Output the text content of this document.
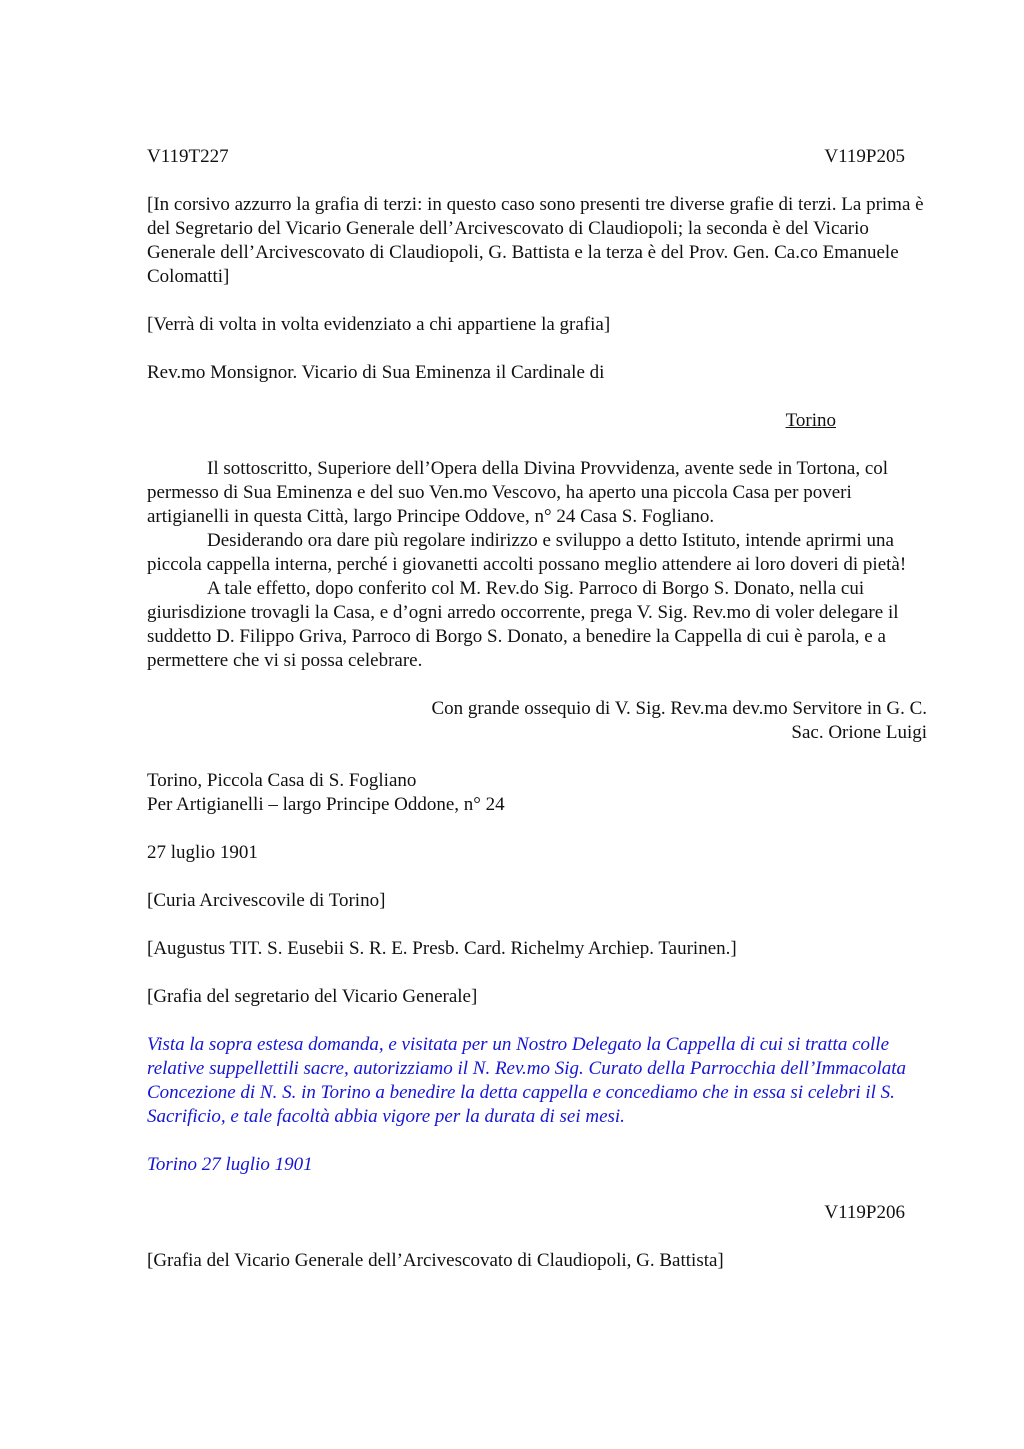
V119T227	V119P205

[In corsivo azzurro la grafia di terzi: in questo caso sono presenti tre diverse grafie di terzi. La prima è del Segretario del Vicario Generale dell’Arcivescovato di Claudiopoli; la seconda è del Vicario Generale dell’Arcivescovato di Claudiopoli, G. Battista e la terza è del Prov. Gen. Ca.co Emanuele Colomatti]

[Verrà di volta in volta evidenziato a chi appartiene la grafia]

Rev.mo Monsignor. Vicario di Sua Eminenza il Cardinale di

Torino

Il sottoscritto, Superiore dell’Opera della Divina Provvidenza, avente sede in Tortona, col permesso di Sua Eminenza e del suo Ven.mo Vescovo, ha aperto una piccola Casa per poveri artigianelli in questa Città, largo Principe Oddove, n° 24 Casa S. Fogliano.

Desiderando ora dare più regolare indirizzo e sviluppo a detto Istituto, intende aprirmi una piccola cappella interna, perché i giovanetti accolti possano meglio attendere ai loro doveri di pietà!

A tale effetto, dopo conferito col M. Rev.do Sig. Parroco di Borgo S. Donato, nella cui giurisdizione trovagli la Casa, e d’ogni arredo occorrente, prega V. Sig. Rev.mo di voler delegare il suddetto D. Filippo Griva, Parroco di Borgo S. Donato, a benedire la Cappella di cui è parola, e a permettere che vi si possa celebrare.

Con grande ossequio di V. Sig. Rev.ma dev.mo Servitore in G. C.

Sac. Orione Luigi

Torino, Piccola Casa di S. Fogliano

Per Artigianelli – largo Principe Oddone, n° 24

27 luglio 1901

[Curia Arcivescovile di Torino]

[Augustus TIT. S. Eusebii S. R. E. Presb. Card. Richelmy Archiep. Taurinen.]

[Grafia del segretario del Vicario Generale]

Vista la sopra estesa domanda, e visitata per un Nostro Delegato la Cappella di cui si tratta colle relative suppellettili sacre, autorizziamo il N. Rev.mo Sig. Curato della Parrocchia dell’Immacolata Concezione di N. S. in Torino a benedire la detta cappella e concediamo che in essa si celebri il S. Sacrificio, e tale facoltà abbia vigore per la durata di sei mesi.

Torino 27 luglio 1901

V119P206

[Grafia del Vicario Generale dell’Arcivescovato di Claudiopoli, G. Battista]
